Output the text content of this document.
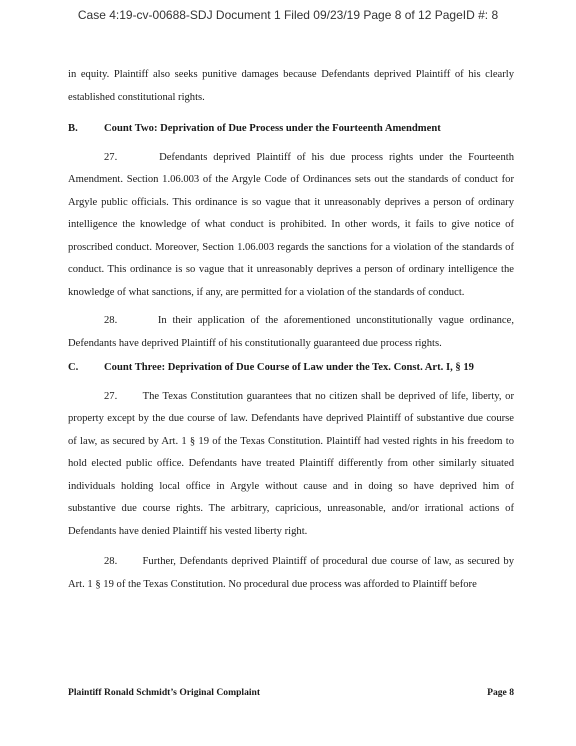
Case 4:19-cv-00688-SDJ Document 1 Filed 09/23/19 Page 8 of 12 PageID #: 8

in equity. Plaintiff also seeks punitive damages because Defendants deprived Plaintiff of his clearly established constitutional rights.

B. Count Two: Deprivation of Due Process under the Fourteenth Amendment

27.	Defendants deprived Plaintiff of his due process rights under the Fourteenth Amendment. Section 1.06.003 of the Argyle Code of Ordinances sets out the standards of conduct for Argyle public officials. This ordinance is so vague that it unreasonably deprives a person of ordinary intelligence the knowledge of what conduct is prohibited. In other words, it fails to give notice of proscribed conduct. Moreover, Section 1.06.003 regards the sanctions for a violation of the standards of conduct. This ordinance is so vague that it unreasonably deprives a person of ordinary intelligence the knowledge of what sanctions, if any, are permitted for a violation of the standards of conduct.

28.	In their application of the aforementioned unconstitutionally vague ordinance, Defendants have deprived Plaintiff of his constitutionally guaranteed due process rights.

C. Count Three: Deprivation of Due Course of Law under the Tex. Const. Art. I, § 19

27. The Texas Constitution guarantees that no citizen shall be deprived of life, liberty, or property except by the due course of law. Defendants have deprived Plaintiff of substantive due course of law, as secured by Art. 1 § 19 of the Texas Constitution. Plaintiff had vested rights in his freedom to hold elected public office. Defendants have treated Plaintiff differently from other similarly situated individuals holding local office in Argyle without cause and in doing so have deprived him of substantive due course rights. The arbitrary, capricious, unreasonable, and/or irrational actions of Defendants have denied Plaintiff his vested liberty right.

28. Further, Defendants deprived Plaintiff of procedural due course of law, as secured by Art. 1 § 19 of the Texas Constitution. No procedural due process was afforded to Plaintiff before

Plaintiff Ronald Schmidt’s Original Complaint	Page 8
